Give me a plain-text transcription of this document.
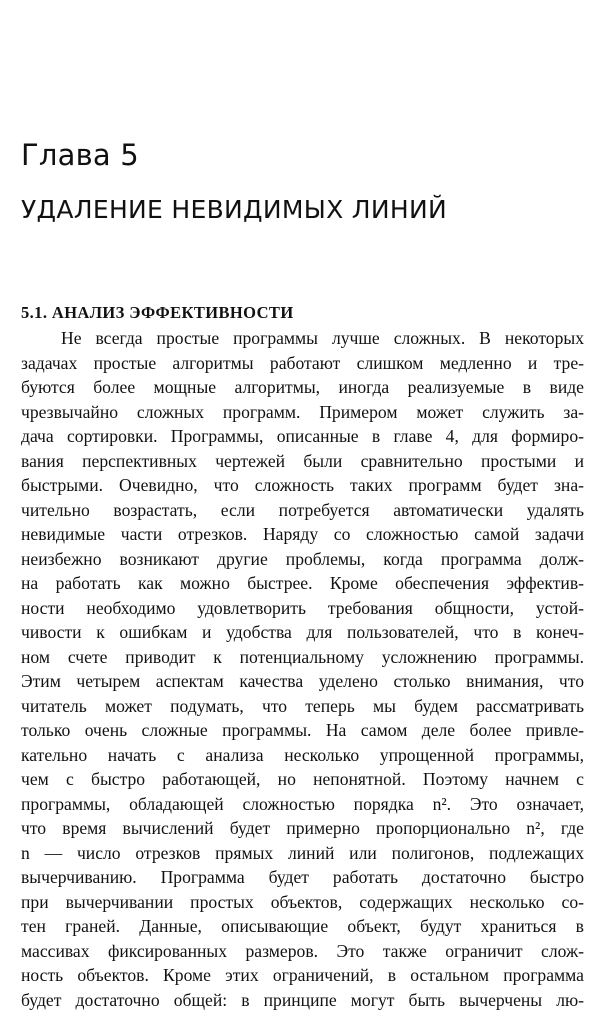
Глава 5
УДАЛЕНИЕ НЕВИДИМЫХ ЛИНИЙ
5.1. АНАЛИЗ ЭФФЕКТИВНОСТИ
Не всегда простые программы лучше сложных. В некоторых
задачах простые алгоритмы работают слишком медленно и тре-
буются более мощные алгоритмы, иногда реализуемые в виде
чрезвычайно сложных программ. Примером может служить за-
дача сортировки. Программы, описанные в главе 4, для формиро-
вания перспективных чертежей были сравнительно простыми и
быстрыми. Очевидно, что сложность таких программ будет зна-
чительно возрастать, если потребуется автоматически удалять
невидимые части отрезков. Наряду со сложностью самой задачи
неизбежно возникают другие проблемы, когда программа долж-
на работать как можно быстрее. Кроме обеспечения эффектив-
ности необходимо удовлетворить требования общности, устой-
чивости к ошибкам и удобства для пользователей, что в конеч-
ном счете приводит к потенциальному усложнению программы.
Этим четырем аспектам качества уделено столько внимания, что
читатель может подумать, что теперь мы будем рассматривать
только очень сложные программы. На самом деле более привле-
кательно начать с анализа несколько упрощенной программы,
чем с быстро работающей, но непонятной. Поэтому начнем с
программы, обладающей сложностью порядка n². Это означает,
что время вычислений будет примерно пропорционально n², где
n — число отрезков прямых линий или полигонов, подлежащих
вычерчиванию. Программа будет работать достаточно быстро
при вычерчивании простых объектов, содержащих несколько со-
тен граней. Данные, описывающие объект, будут храниться в
массивах фиксированных размеров. Это также ограничит слож-
ность объектов. Кроме этих ограничений, в остальном программа
будет достаточно общей: в принципе могут быть вычерчены лю-
